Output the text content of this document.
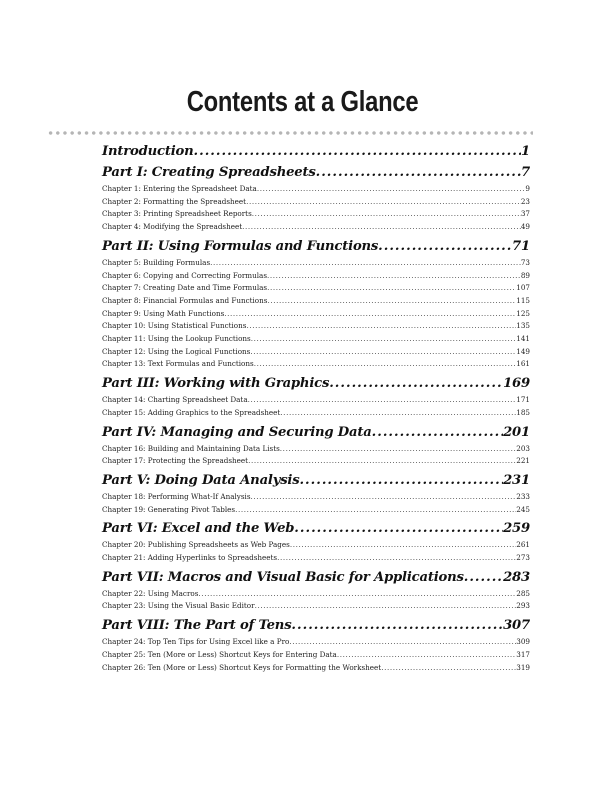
Contents at a Glance
Introduction .....	1
Part I: Creating Spreadsheets .....	7
Chapter 1: Entering the Spreadsheet Data .....	9
Chapter 2: Formatting the Spreadsheet .....	23
Chapter 3: Printing Spreadsheet Reports .....	37
Chapter 4: Modifying the Spreadsheet .....	49
Part II: Using Formulas and Functions .....	71
Chapter 5: Building Formulas .....	73
Chapter 6: Copying and Correcting Formulas .....	89
Chapter 7: Creating Date and Time Formulas .....	107
Chapter 8: Financial Formulas and Functions .....	115
Chapter 9: Using Math Functions .....	125
Chapter 10: Using Statistical Functions .....	135
Chapter 11: Using the Lookup Functions .....	141
Chapter 12: Using the Logical Functions .....	149
Chapter 13: Text Formulas and Functions .....	161
Part III: Working with Graphics .....	169
Chapter 14: Charting Spreadsheet Data .....	171
Chapter 15: Adding Graphics to the Spreadsheet .....	185
Part IV: Managing and Securing Data .....	201
Chapter 16: Building and Maintaining Data Lists .....	203
Chapter 17: Protecting the Spreadsheet .....	221
Part V: Doing Data Analysis .....	231
Chapter 18: Performing What-If Analysis .....	233
Chapter 19: Generating Pivot Tables .....	245
Part VI: Excel and the Web .....	259
Chapter 20: Publishing Spreadsheets as Web Pages .....	261
Chapter 21: Adding Hyperlinks to Spreadsheets .....	273
Part VII: Macros and Visual Basic for Applications .....	283
Chapter 22: Using Macros .....	285
Chapter 23: Using the Visual Basic Editor .....	293
Part VIII: The Part of Tens .....	307
Chapter 24: Top Ten Tips for Using Excel like a Pro .....	309
Chapter 25: Ten (More or Less) Shortcut Keys for Entering Data .....	317
Chapter 26: Ten (More or Less) Shortcut Keys for Formatting the Worksheet .....	319
